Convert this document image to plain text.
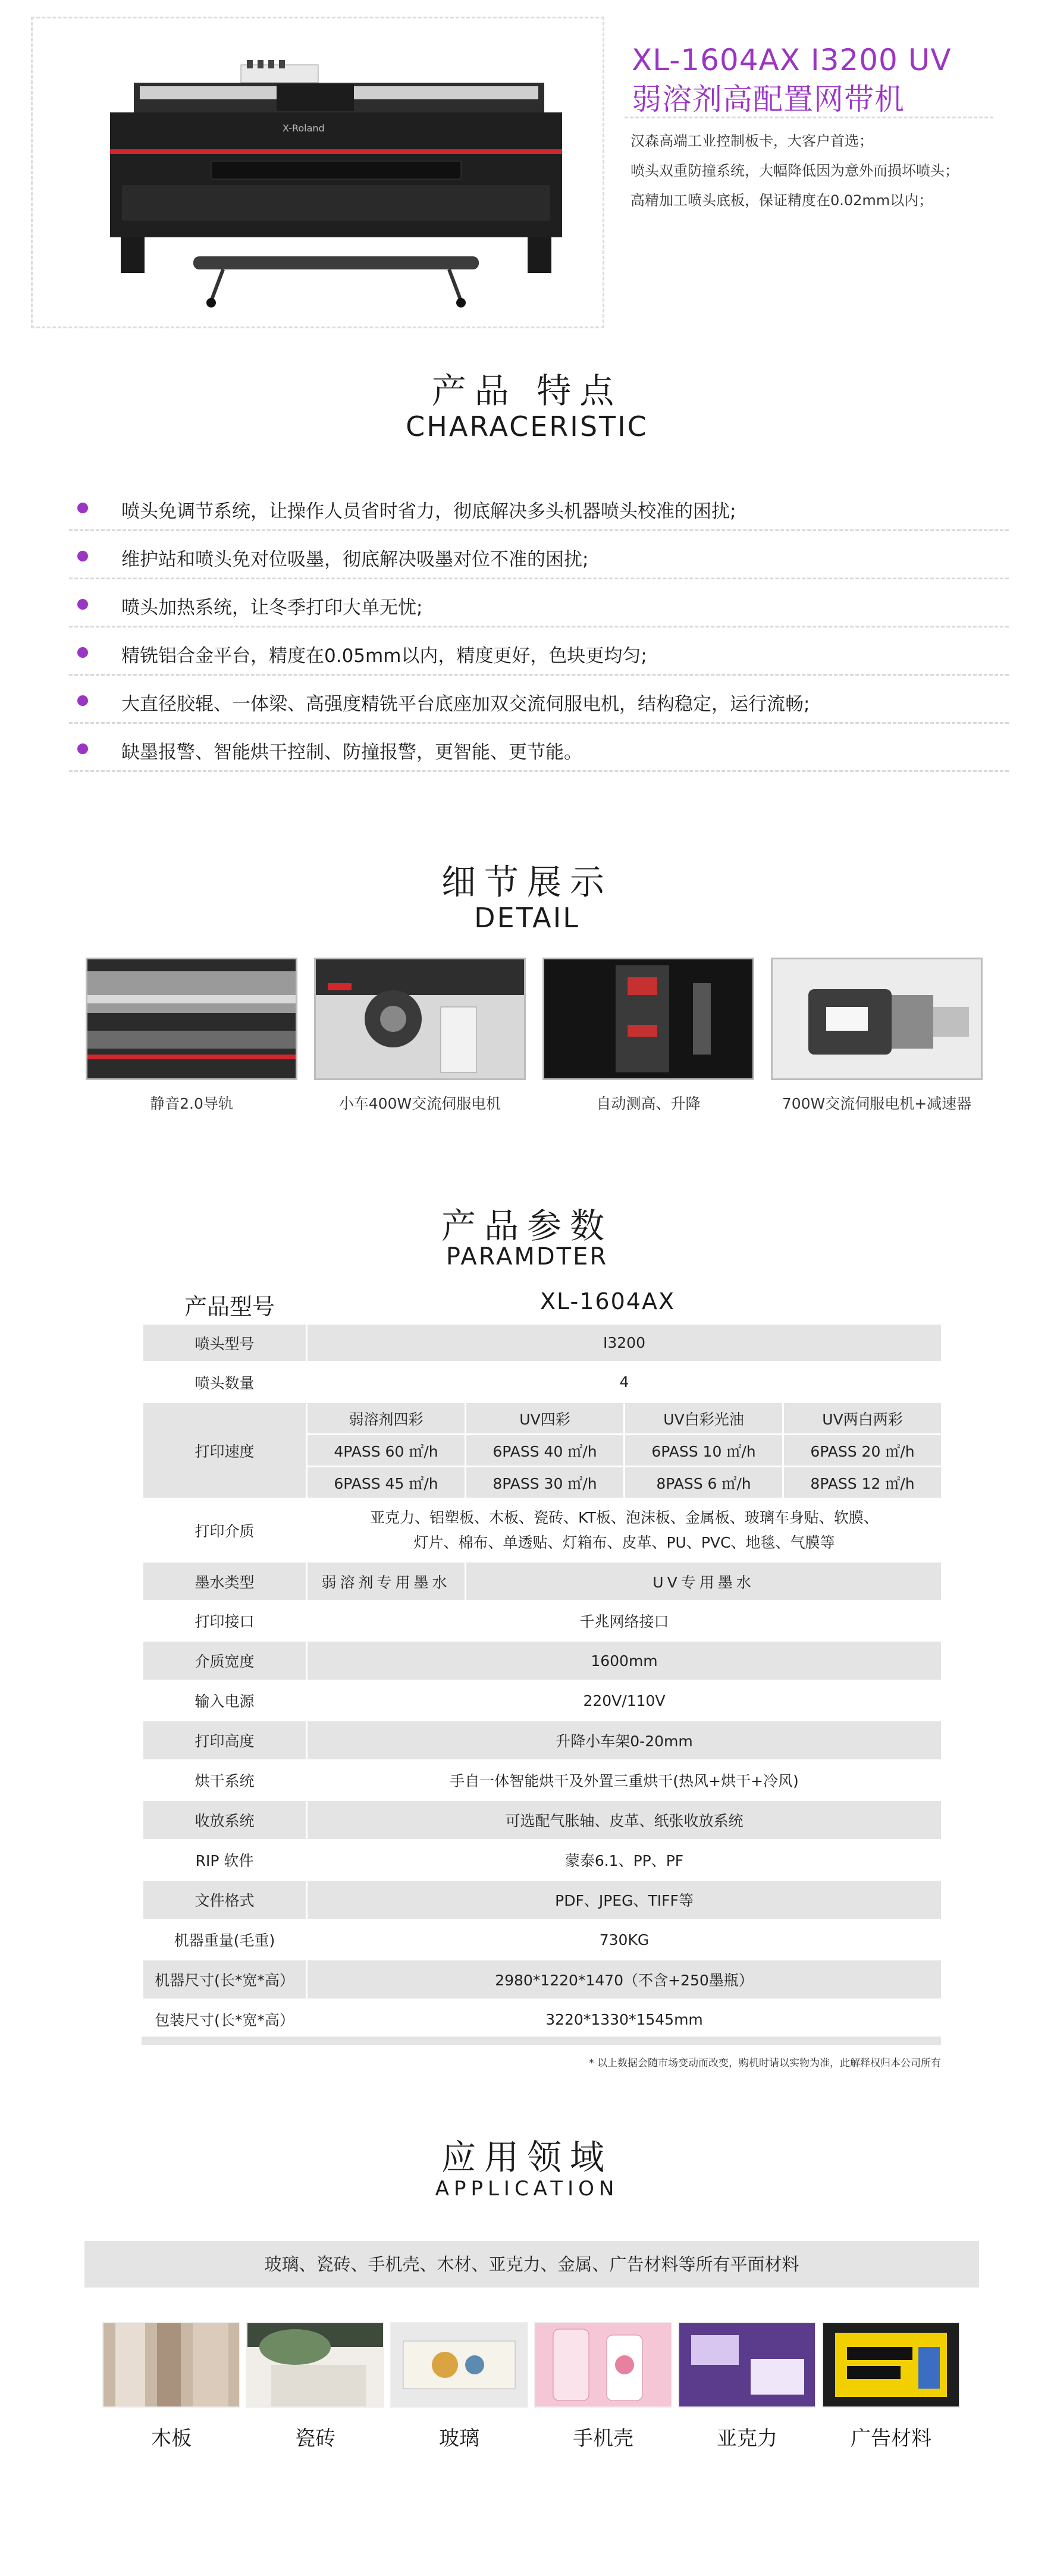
X-Roland
XL-1604AX I3200 UV
弱溶剂高配置网带机
汉森高端工业控制板卡，大客户首选；
喷头双重防撞系统，大幅降低因为意外而损坏喷头；
高精加工喷头底板，保证精度在0.02mm以内；
产品 特点
CHARACERISTIC
喷头免调节系统，让操作人员省时省力，彻底解决多头机器喷头校准的困扰;
维护站和喷头免对位吸墨，彻底解决吸墨对位不准的困扰;
喷头加热系统，让冬季打印大单无忧;
精铣铝合金平台，精度在0.05mm以内，精度更好，色块更均匀;
大直径胶辊、一体梁、高强度精铣平台底座加双交流伺服电机，结构稳定，运行流畅;
缺墨报警、智能烘干控制、防撞报警，更智能、更节能。
细节展示
DETAIL
静音2.0导轨	小车400W交流伺服电机	自动测高、升降	700W交流伺服电机+减速器
产品参数
PARAMDTER
产品型号	XL-1604AX
喷头型号	I3200			
喷头数量	4			
打印速度	弱溶剂四彩	UV四彩	UV白彩光油	UV两白两彩
	4PASS 60 ㎡/h	6PASS 40 ㎡/h	6PASS 10 ㎡/h	6PASS 20 ㎡/h
	6PASS 45 ㎡/h	8PASS 30 ㎡/h	8PASS 6 ㎡/h	8PASS 12 ㎡/h
打印介质	亚克力、铝塑板、木板、瓷砖、KT板、泡沫板、金属板、玻璃车身贴、软膜、
灯片、棉布、单透贴、灯箱布、皮革、PU、PVC、地毯、气膜等			

墨水类型	弱溶剂专用墨水	UV专用墨水		
打印接口	千兆网络接口			
介质宽度	1600mm			
输入电源	220V/110V			
打印高度	升降小车架0-20mm			
烘干系统	手自一体智能烘干及外置三重烘干(热风+烘干+冷风)			
收放系统	可选配气胀轴、皮革、纸张收放系统			
RIP 软件	蒙泰6.1、PP、PF			
文件格式	PDF、JPEG、TIFF等			
机器重量(毛重)	730KG			
机器尺寸(长*宽*高）	2980*1220*1470（不含+250墨瓶）			
包装尺寸(长*宽*高）	3220*1330*1545mm			
* 以上数据会随市场变动而改变，购机时请以实物为准，此解释权归本公司所有
应用领域
APPLICATION
玻璃、瓷砖、手机壳、木材、亚克力、金属、广告材料等所有平面材料
木板	瓷砖	玻璃	手机壳	亚克力	广告材料
